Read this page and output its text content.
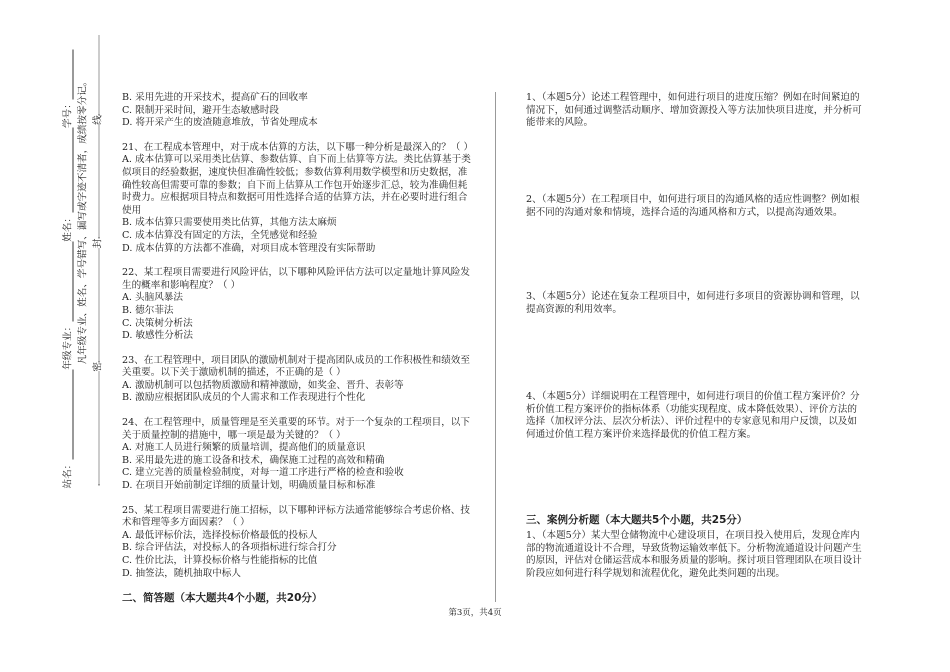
站名：
年级专业：
姓名：
学号： 凡年级专业、姓名、学号错写、漏写或字迹不清者，成绩按零分记。
密
封
线

B. 采用先进的开采技术，提高矿石的回收率

C. 限制开采时间，避开生态敏感时段

D. 将开采产生的废渣随意堆放，节省处理成本

21、在工程成本管理中，对于成本估算的方法，以下哪一种分析是最深入的？（ ）

A. 成本估算可以采用类比估算、参数估算、自下而上估算等方法。类比估算基于类似项目的经验数据，速度快但准确性较低；参数估算利用数学模型和历史数据，准确性较高但需要可靠的参数；自下而上估算从工作包开始逐步汇总，较为准确但耗时费力。应根据项目特点和数据可用性选择合适的估算方法，并在必要时进行组合使用

B. 成本估算只需要使用类比估算，其他方法太麻烦

C. 成本估算没有固定的方法，全凭感觉和经验

D. 成本估算的方法都不准确，对项目成本管理没有实际帮助

22、某工程项目需要进行风险评估，以下哪种风险评估方法可以定量地计算风险发生的概率和影响程度？（ ）

A. 头脑风暴法

B. 德尔菲法

C. 决策树分析法

D. 敏感性分析法

23、在工程管理中，项目团队的激励机制对于提高团队成员的工作积极性和绩效至关重要。以下关于激励机制的描述，不正确的是（ ）

A. 激励机制可以包括物质激励和精神激励，如奖金、晋升、表彰等

B. 激励应根据团队成员的个人需求和工作表现进行个性化

24、在工程管理中，质量管理是至关重要的环节。对于一个复杂的工程项目，以下关于质量控制的措施中，哪一项是最为关键的？（ ）

A. 对施工人员进行频繁的质量培训，提高他们的质量意识

B. 采用最先进的施工设备和技术，确保施工过程的高效和精确

C. 建立完善的质量检验制度，对每一道工序进行严格的检查和验收

D. 在项目开始前制定详细的质量计划，明确质量目标和标准

25、某工程项目需要进行施工招标，以下哪种评标方法通常能够综合考虑价格、技术和管理等多方面因素？（ ）

A. 最低评标价法，选择投标价格最低的投标人

B. 综合评估法，对投标人的各项指标进行综合打分

C. 性价比法，计算投标价格与性能指标的比值

D. 抽签法，随机抽取中标人

二、简答题（本大题共4个小题，共20分）

1、（本题5分）论述工程管理中，如何进行项目的进度压缩？例如在时间紧迫的情况下，如何通过调整活动顺序、增加资源投入等方法加快项目进度，并分析可能带来的风险。

2、（本题5分）在工程项目中，如何进行项目的沟通风格的适应性调整？例如根据不同的沟通对象和情境，选择合适的沟通风格和方式，以提高沟通效果。

3、（本题5分）论述在复杂工程项目中，如何进行多项目的资源协调和管理，以提高资源的利用效率。

4、（本题5分）详细说明在工程管理中，如何进行项目的价值工程方案评价？分析价值工程方案评价的指标体系（功能实现程度、成本降低效果）、评价方法的选择（加权评分法、层次分析法）、评价过程中的专家意见和用户反馈，以及如何通过价值工程方案评价来选择最优的价值工程方案。

三、案例分析题（本大题共5个小题，共25分）

1、（本题5分）某大型仓储物流中心建设项目，在项目投入使用后，发现仓库内部的物流通道设计不合理，导致货物运输效率低下。分析物流通道设计问题产生的原因，评估对仓储运营成本和服务质量的影响。探讨项目管理团队在项目设计阶段应如何进行科学规划和流程优化，避免此类问题的出现。

第3页，共4页
